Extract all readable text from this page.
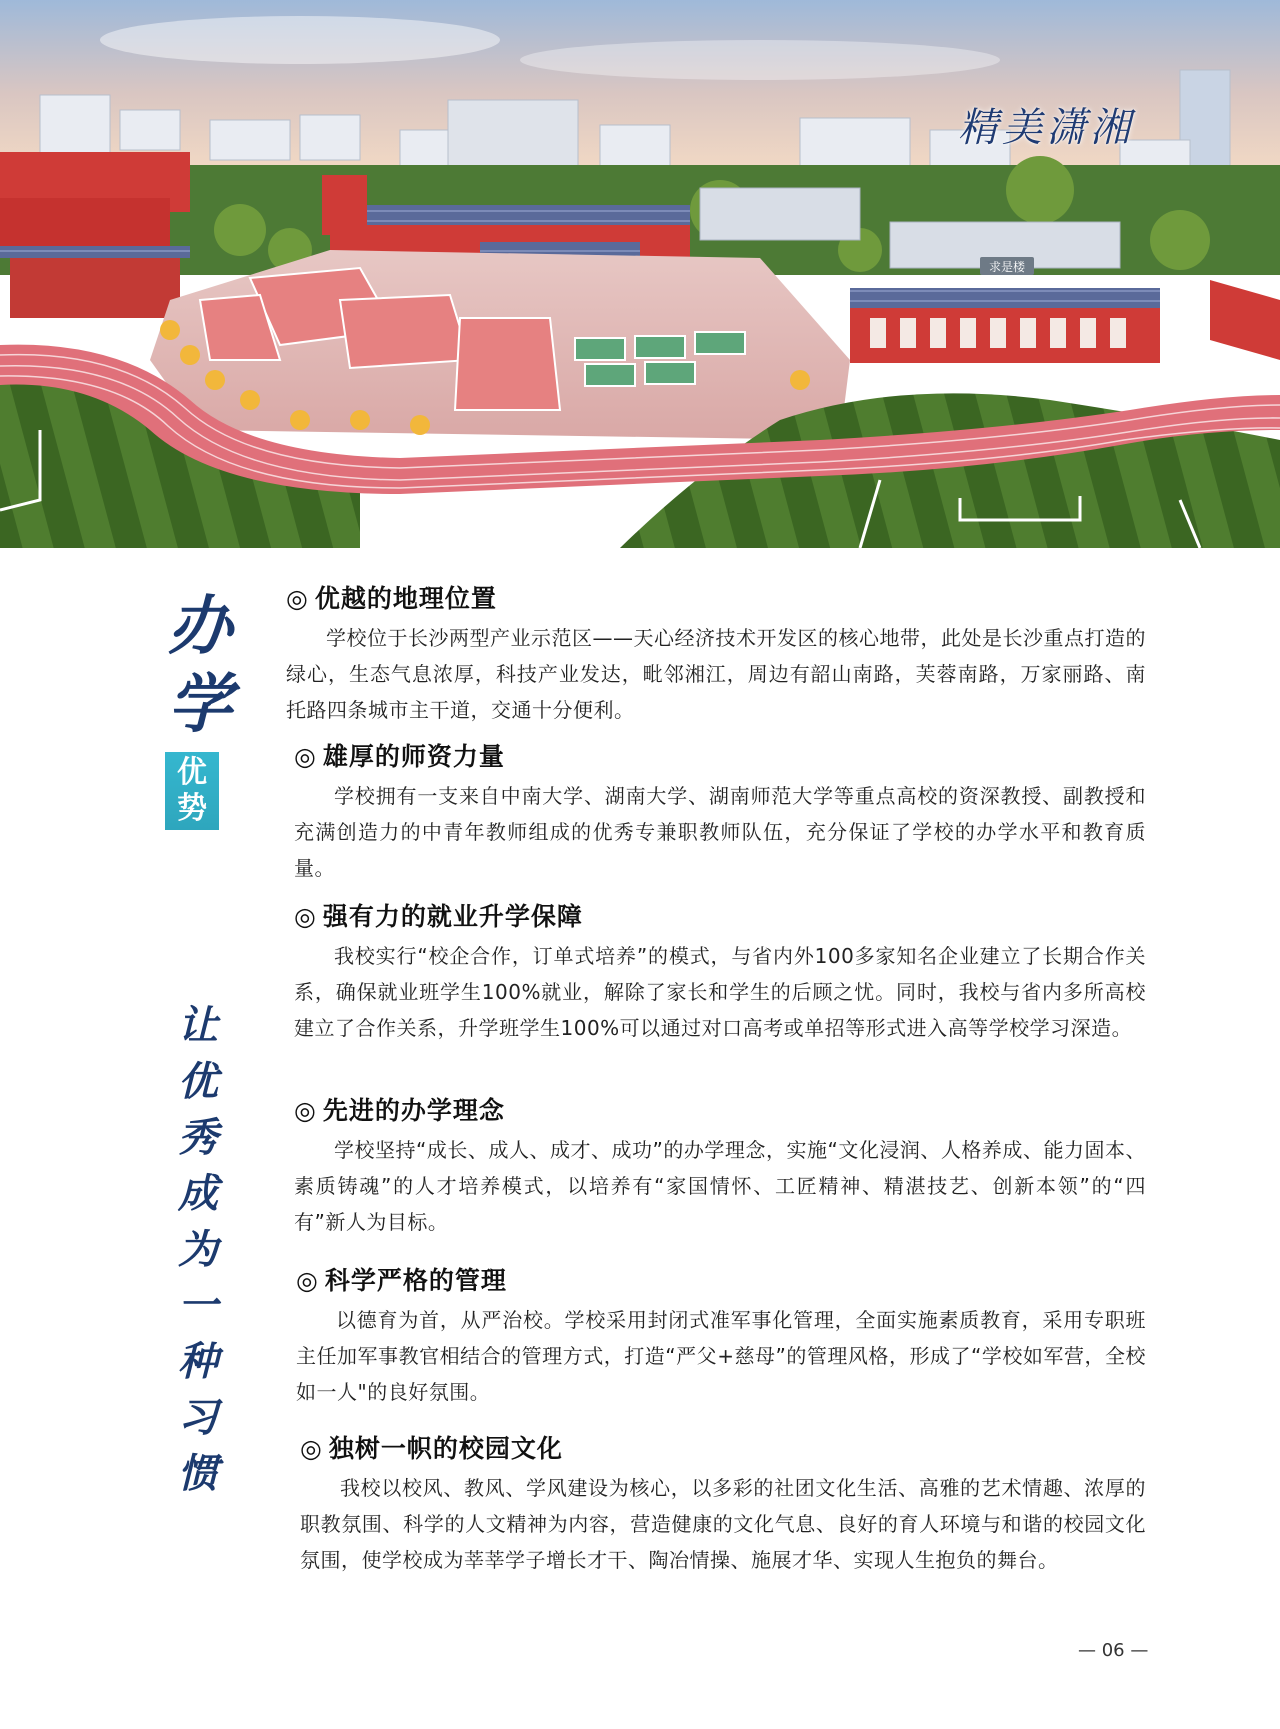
求是楼
精美潇湘
办
学
优
势
让
优
秀
成
为
一
种
习
惯
◎ 优越的地理位置

学校位于长沙两型产业示范区——天心经济技术开发区的核心地带，此处是长沙重点打造的绿心，生态气息浓厚，科技产业发达，毗邻湘江，周边有韶山南路，芙蓉南路，万家丽路、南托路四条城市主干道，交通十分便利。

◎ 雄厚的师资力量

学校拥有一支来自中南大学、湖南大学、湖南师范大学等重点高校的资深教授、副教授和充满创造力的中青年教师组成的优秀专兼职教师队伍，充分保证了学校的办学水平和教育质量。

◎ 强有力的就业升学保障

我校实行“校企合作，订单式培养”的模式，与省内外100多家知名企业建立了长期合作关系，确保就业班学生100%就业，解除了家长和学生的后顾之忧。同时，我校与省内多所高校建立了合作关系，升学班学生100%可以通过对口高考或单招等形式进入高等学校学习深造。

◎ 先进的办学理念

学校坚持“成长、成人、成才、成功”的办学理念，实施“文化浸润、人格养成、能力固本、素质铸魂”的人才培养模式，以培养有“家国情怀、工匠精神、精湛技艺、创新本领”的“四有”新人为目标。

◎ 科学严格的管理

以德育为首，从严治校。学校采用封闭式准军事化管理，全面实施素质教育，采用专职班主任加军事教官相结合的管理方式，打造“严父+慈母”的管理风格，形成了“学校如军营，全校如一人"的良好氛围。

◎ 独树一帜的校园文化

我校以校风、教风、学风建设为核心，以多彩的社团文化生活、高雅的艺术情趣、浓厚的职教氛围、科学的人文精神为内容，营造健康的文化气息、良好的育人环境与和谐的校园文化氛围，使学校成为莘莘学子增长才干、陶冶情操、施展才华、实现人生抱负的舞台。

— 06 —
